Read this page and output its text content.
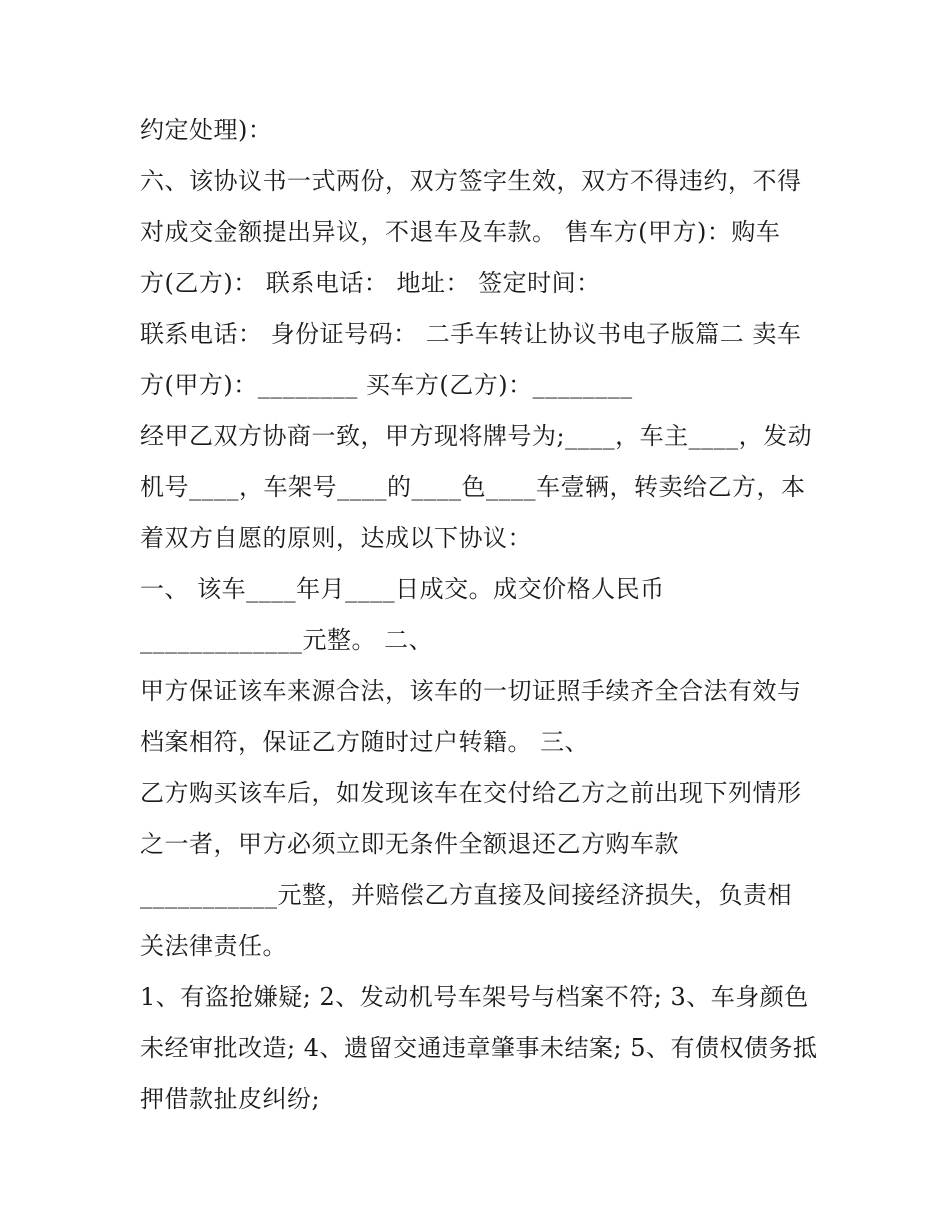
约定处理)：
六、该协议书一式两份，双方签字生效，双方不得违约，不得
对成交金额提出异议，不退车及车款。 售车方(甲方)：购车
方(乙方)： 联系电话： 地址： 签定时间：
联系电话： 身份证号码： 二手车转让协议书电子版篇二 卖车
方(甲方)：________ 买车方(乙方)：________
经甲乙双方协商一致，甲方现将牌号为;____，车主____，发动
机号____，车架号____的____色____车壹辆，转卖给乙方，本
着双方自愿的原则，达成以下协议：
一、 该车____年月____日成交。成交价格人民币
_____________元整。 二、
甲方保证该车来源合法，该车的一切证照手续齐全合法有效与
档案相符，保证乙方随时过户转籍。 三、
乙方购买该车后，如发现该车在交付给乙方之前出现下列情形
之一者，甲方必须立即无条件全额退还乙方购车款
___________元整，并赔偿乙方直接及间接经济损失，负责相
关法律责任。
1、有盗抢嫌疑; 2、发动机号车架号与档案不符; 3、车身颜色
未经审批改造; 4、遗留交通违章肇事未结案; 5、有债权债务抵
押借款扯皮纠纷;
